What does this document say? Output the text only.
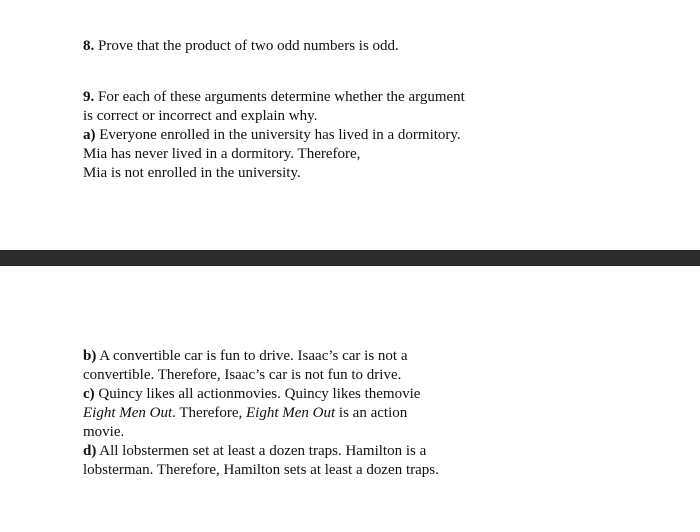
8. Prove that the product of two odd numbers is odd.

9. For each of these arguments determine whether the argument
is correct or incorrect and explain why.
a) Everyone enrolled in the university has lived in a dormitory.
Mia has never lived in a dormitory. Therefore,
Mia is not enrolled in the university.

b) A convertible car is fun to drive. Isaac’s car is not a
convertible. Therefore, Isaac’s car is not fun to drive.
c) Quincy likes all actionmovies. Quincy likes themovie
Eight Men Out. Therefore, Eight Men Out is an action
movie.
d) All lobstermen set at least a dozen traps. Hamilton is a
lobsterman. Therefore, Hamilton sets at least a dozen traps.
